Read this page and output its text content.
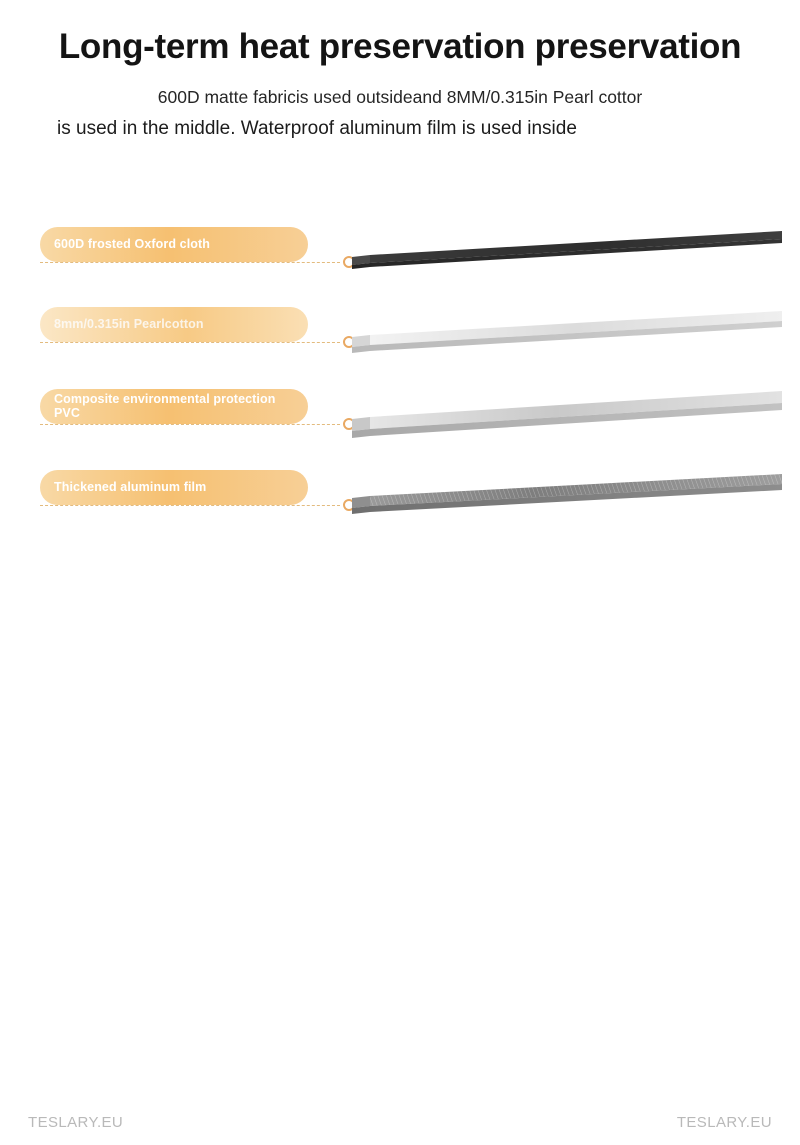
Long-term heat preservation preservation
600D matte fabricis used outsideand 8MM/0.315in Pearl cottor
is used in the middle. Waterproof aluminum film is used inside
600D frosted Oxford cloth
8mm/0.315in Pearlcotton
Composite environmental protection PVC
Thickened aluminum film
TESLARY.EU	TESLARY.EU
